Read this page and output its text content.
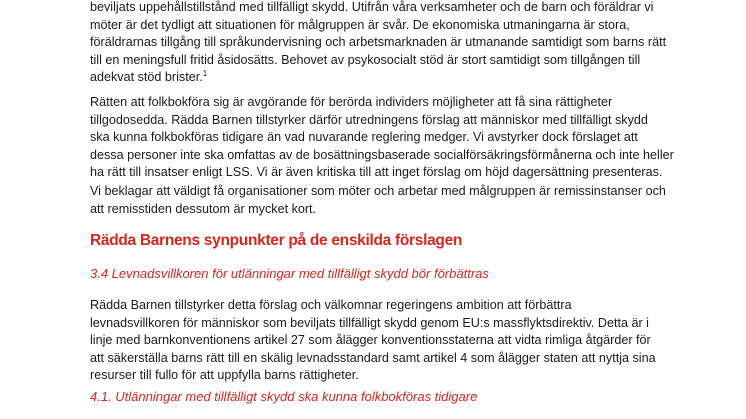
beviljats uppehållstillstånd med tillfälligt skydd. Utifrån våra verksamheter och de barn och föräldrar vi
möter är det tydligt att situationen för målgruppen är svår. De ekonomiska utmaningarna är stora,
föräldrarnas tillgång till språkundervisning och arbetsmarknaden är utmanande samtidigt som barns rätt
till en meningsfull fritid åsidosätts. Behovet av psykosocialt stöd är stort samtidigt som tillgången till
adekvat stöd brister.$^1$
Rätten att folkbokföra sig är avgörande för berörda individers möjligheter att få sina rättigheter
tillgodosedda. Rädda Barnen tillstyrker därför utredningens förslag att människor med tillfälligt skydd
ska kunna folkbokföras tidigare än vad nuvarande reglering medger. Vi avstyrker dock förslaget att
dessa personer inte ska omfattas av de bosättningsbaserade socialförsäkringsförmånerna och inte heller
ha rätt till insatser enligt LSS. Vi är även kritiska till att inget förslag om höjd dagersättning presenteras.
Vi beklagar att väldigt få organisationer som möter och arbetar med målgruppen är remissinstanser och
att remisstiden dessutom är mycket kort.
Rädda Barnens synpunkter på de enskilda förslagen
3.4 Levnadsvillkoren för utlänningar med tillfälligt skydd bör förbättras
Rädda Barnen tillstyrker detta förslag och välkomnar regeringens ambition att förbättra
levnadsvillkoren för människor som beviljats tillfälligt skydd genom EU:s massflyktsdirektiv. Detta är i
linje med barnkonventionens artikel 27 som ålägger konventionsstaterna att vidta rimliga åtgärder för
att säkerställa barns rätt till en skälig levnadsstandard samt artikel 4 som ålägger staten att nyttja sina
resurser till fullo för att uppfylla barns rättigheter.
4.1. Utlänningar med tillfälligt skydd ska kunna folkbokföras tidigare
